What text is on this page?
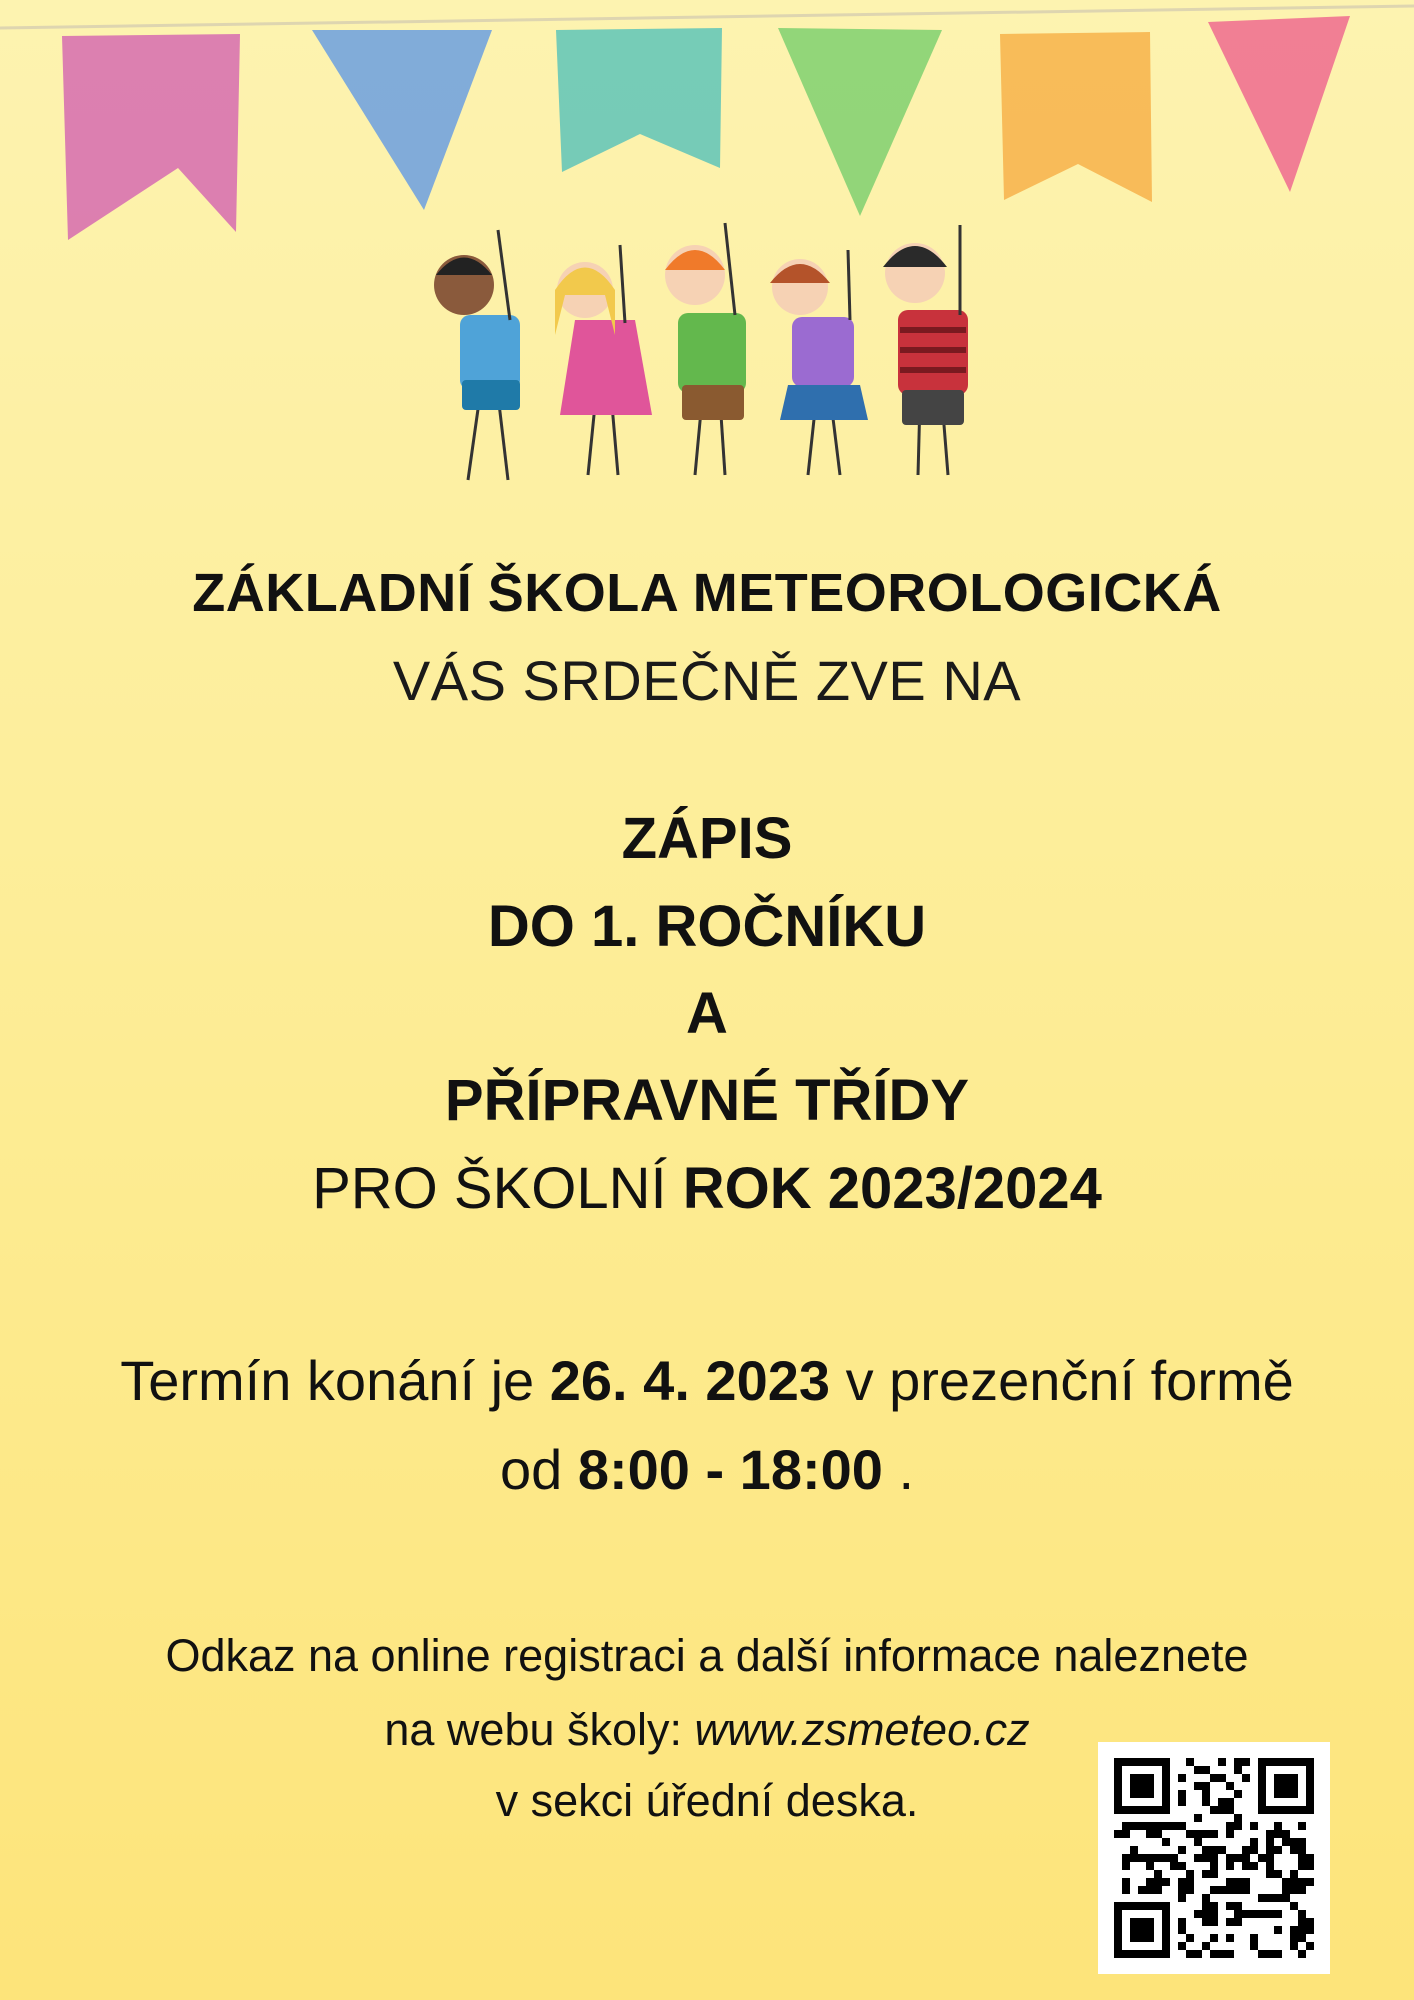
ZÁKLADNÍ ŠKOLA METEOROLOGICKÁ
VÁS SRDEČNĚ ZVE NA
ZÁPIS
DO 1. ROČNÍKU
A
PŘÍPRAVNÉ TŘÍDY
PRO ŠKOLNÍ ROK 2023/2024
Termín konání je 26. 4. 2023 v prezenční formě
od 8:00 - 18:00 .
Odkaz na online registraci a další informace naleznete
na webu školy: www.zsmeteo.cz
v sekci úřední deska.
